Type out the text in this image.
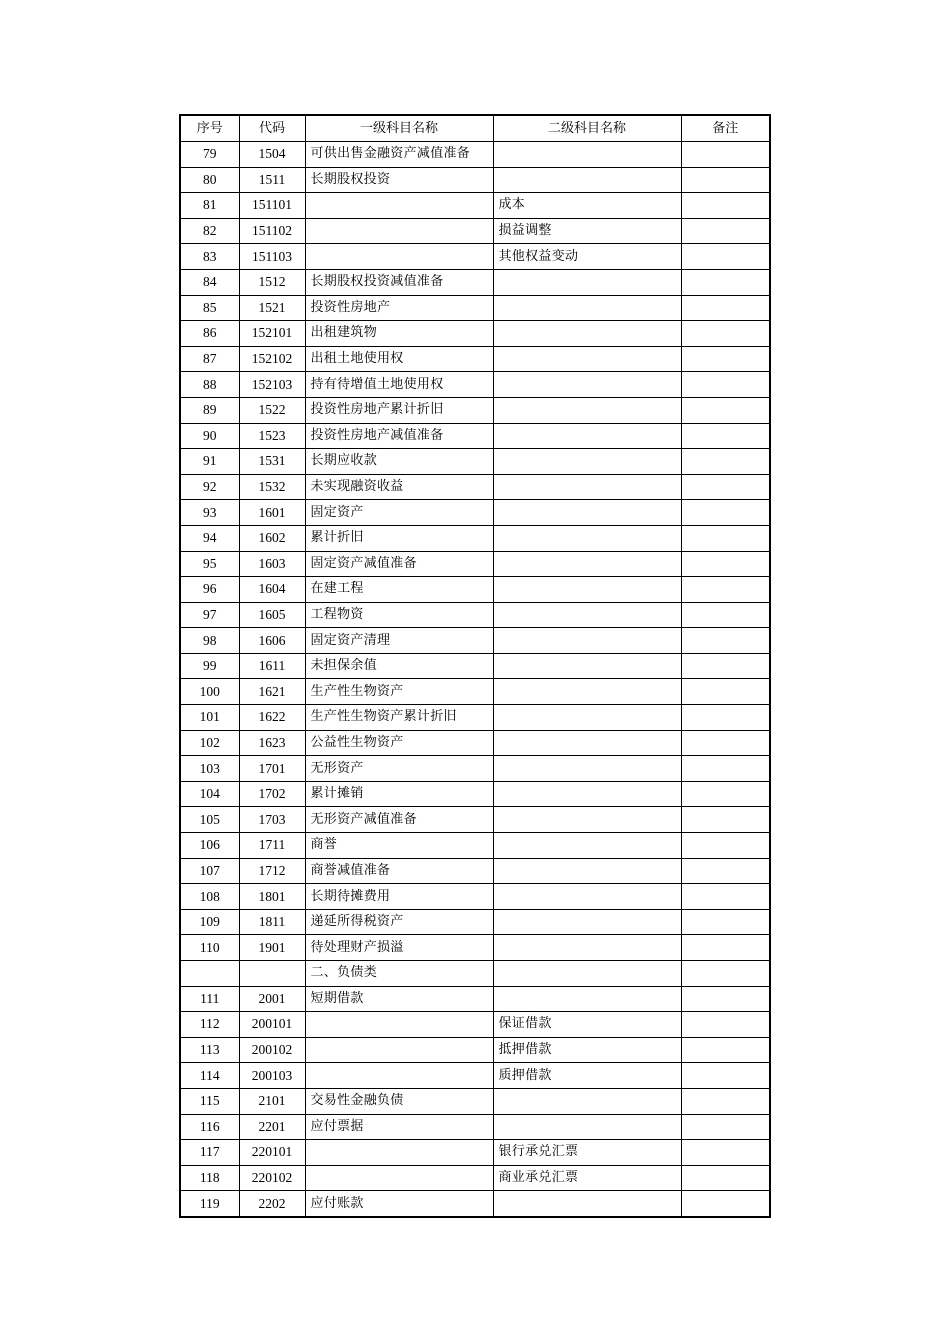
序号	代码	一级科目名称	二级科目名称	备注
79	1504	可供出售金融资产减值准备		
80	1511	长期股权投资		
81	151101		成本	
82	151102		损益调整	
83	151103		其他权益变动	
84	1512	长期股权投资减值准备		
85	1521	投资性房地产		
86	152101	出租建筑物		
87	152102	出租土地使用权		
88	152103	持有待增值土地使用权		
89	1522	投资性房地产累计折旧		
90	1523	投资性房地产减值准备		
91	1531	长期应收款		
92	1532	未实现融资收益		
93	1601	固定资产		
94	1602	累计折旧		
95	1603	固定资产减值准备		
96	1604	在建工程		
97	1605	工程物资		
98	1606	固定资产清理		
99	1611	未担保余值		
100	1621	生产性生物资产		
101	1622	生产性生物资产累计折旧		
102	1623	公益性生物资产		
103	1701	无形资产		
104	1702	累计摊销		
105	1703	无形资产减值准备		
106	1711	商誉		
107	1712	商誉减值准备		
108	1801	长期待摊费用		
109	1811	递延所得税资产		
110	1901	待处理财产损溢		
		二、负债类		
111	2001	短期借款		
112	200101		保证借款	
113	200102		抵押借款	
114	200103		质押借款	
115	2101	交易性金融负债		
116	2201	应付票据		
117	220101		银行承兑汇票	
118	220102		商业承兑汇票	
119	2202	应付账款		
